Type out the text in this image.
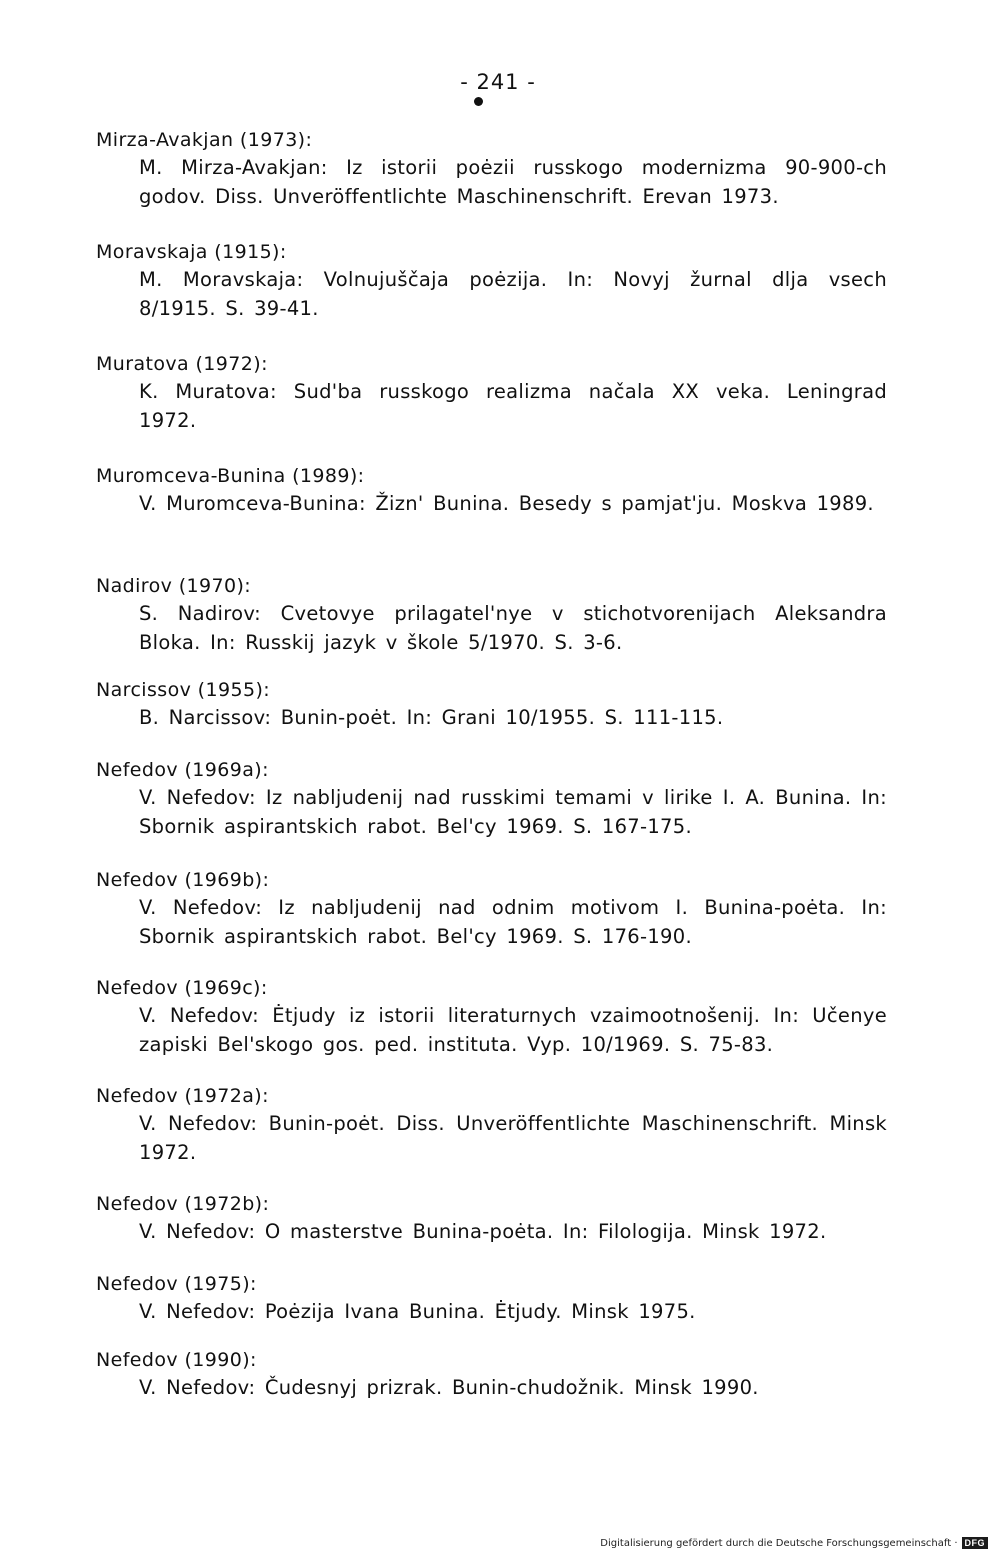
- 241 -
Mirza-Avakjan (1973):
M. Mirza-Avakjan: Iz istorii poėzii russkogo modernizma 90-900-ch godov. Diss. Unveröffentlichte Maschinenschrift. Erevan 1973.
Moravskaja (1915):
M. Moravskaja: Volnujuščaja poėzija. In: Novyj žurnal dlja vsech 8/1915. S. 39-41.
Muratova (1972):
K. Muratova: Sud'ba russkogo realizma načala XX veka. Leningrad 1972.
Muromceva-Bunina (1989):
V. Muromceva-Bunina: Žizn' Bunina. Besedy s pamjat'ju. Moskva 1989.
Nadirov (1970):
S. Nadirov: Cvetovye prilagatel'nye v stichotvorenijach Aleksandra Bloka. In: Russkij jazyk v škole 5/1970. S. 3-6.
Narcissov (1955):
B. Narcissov: Bunin-poėt. In: Grani 10/1955. S. 111-115.
Nefedov (1969a):
V. Nefedov: Iz nabljudenij nad russkimi temami v lirike I. A. Bunina. In: Sbornik aspirantskich rabot. Bel'cy 1969. S. 167-175.
Nefedov (1969b):
V. Nefedov: Iz nabljudenij nad odnim motivom I. Bunina-poėta. In: Sbornik aspirantskich rabot. Bel'cy 1969. S. 176-190.
Nefedov (1969c):
V. Nefedov: Ėtjudy iz istorii literaturnych vzaimootnošenij. In: Učenye zapiski Bel'skogo gos. ped. instituta. Vyp. 10/1969. S. 75-83.
Nefedov (1972a):
V. Nefedov: Bunin-poėt. Diss. Unveröffentlichte Maschinenschrift. Minsk 1972.
Nefedov (1972b):
V. Nefedov: O masterstve Bunina-poėta. In: Filologija. Minsk 1972.
Nefedov (1975):
V. Nefedov: Poėzija Ivana Bunina. Ėtjudy. Minsk 1975.
Nefedov (1990):
V. Nefedov: Čudesnyj prizrak. Bunin-chudožnik. Minsk 1990.
Digitalisierung gefördert durch die Deutsche Forschungsgemeinschaft · DFG
